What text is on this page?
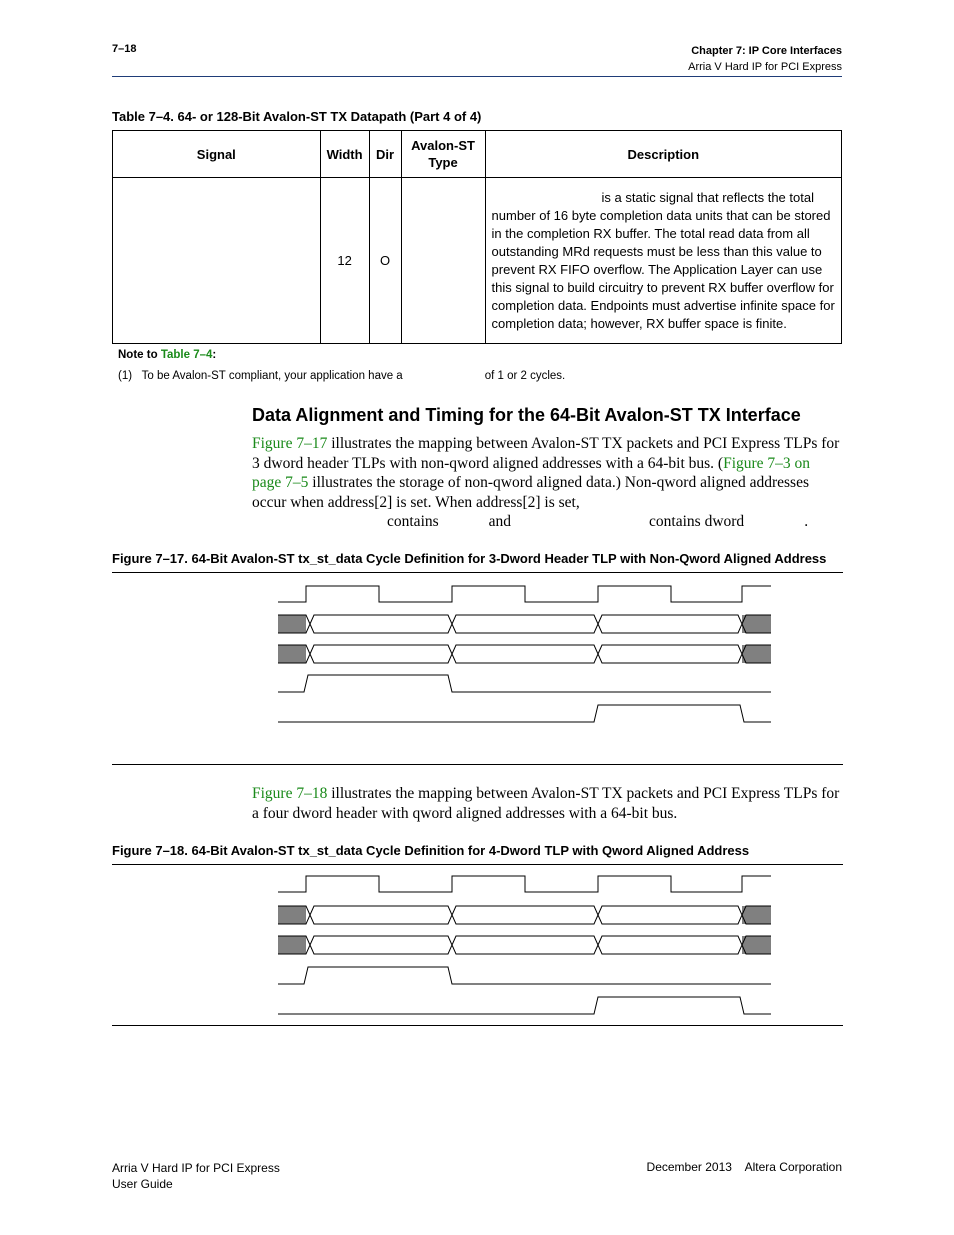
7–18	Chapter 7: IP Core Interfaces
Arria V Hard IP for PCI Express
Table 7–4. 64- or 128-Bit Avalon-ST TX Datapath (Part 4 of 4)
Signal	Width	Dir	Avalon-ST Type	Description
	12	O		is a static signal that reflects the total number of 16 byte completion data units that can be stored in the completion RX buffer. The total read data from all outstanding MRd requests must be less than this value to prevent RX FIFO overflow. The Application Layer can use this signal to build circuitry to prevent RX buffer overflow for completion data. Endpoints must advertise infinite space for completion data; however, RX buffer space is finite.
Note to Table 7–4:
(1) To be Avalon-ST compliant, your application have a	of 1 or 2 cycles.
Data Alignment and Timing for the 64-Bit Avalon-ST TX Interface
Figure 7–17 illustrates the mapping between Avalon-ST TX packets and PCI Express TLPs for 3 dword header TLPs with non-qword aligned addresses with a 64-bit bus. (Figure 7–3 on page 7–5 illustrates the storage of non-qword aligned data.) Non-qword aligned addresses occur when address[2] is set. When address[2] is set,
contains	and	contains dword	.
Figure 7–17. 64-Bit Avalon-ST tx_st_data Cycle Definition for 3-Dword Header TLP with Non-Qword Aligned Address
Figure 7–18 illustrates the mapping between Avalon-ST TX packets and PCI Express TLPs for a four dword header with qword aligned addresses with a 64-bit bus.
Figure 7–18. 64-Bit Avalon-ST tx_st_data Cycle Definition for 4-Dword TLP with Qword Aligned Address
Arria V Hard IP for PCI Express
User Guide
December 2013    Altera Corporation
